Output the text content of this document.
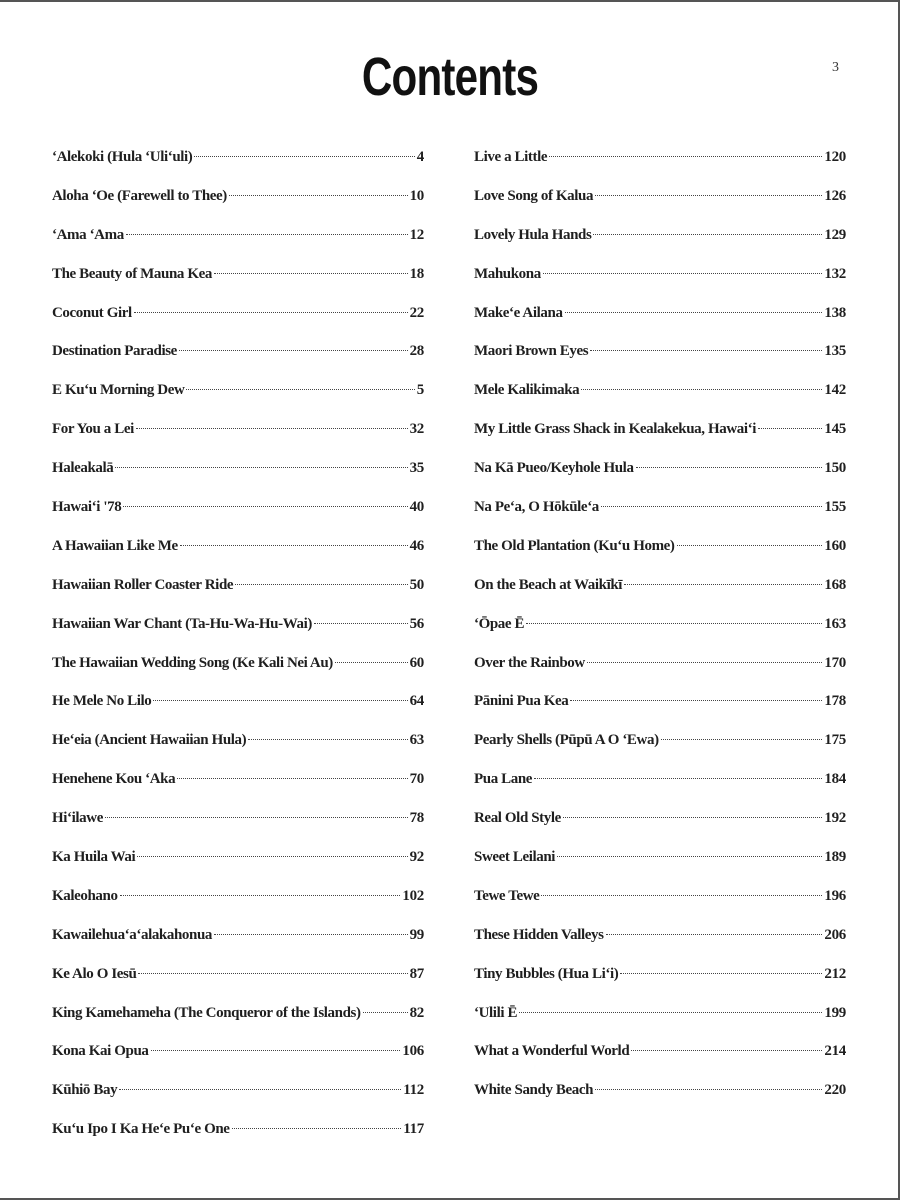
Contents	3
‘Alekoki (Hula ‘Uli‘uli)	4
Aloha ‘Oe (Farewell to Thee)	10
‘Ama ‘Ama	12
The Beauty of Mauna Kea	18
Coconut Girl	22
Destination Paradise	28
E Ku‘u Morning Dew	5
For You a Lei	32
Haleakalā	35
Hawai‘i '78	40
A Hawaiian Like Me	46
Hawaiian Roller Coaster Ride	50
Hawaiian War Chant (Ta-Hu-Wa-Hu-Wai)	56
The Hawaiian Wedding Song (Ke Kali Nei Au)	60
He Mele No Lilo	64
He‘eia (Ancient Hawaiian Hula)	63
Henehene Kou ‘Aka	70
Hi‘ilawe	78
Ka Huila Wai	92
Kaleohano	102
Kawailehua‘a‘alakahonua	99
Ke Alo O Iesū	87
King Kamehameha (The Conqueror of the Islands)	82
Kona Kai Opua	106
Kūhiō Bay	112
Ku‘u Ipo I Ka He‘e Pu‘e One	117
Live a Little	120
Love Song of Kalua	126
Lovely Hula Hands	129
Mahukona	132
Make‘e Ailana	138
Maori Brown Eyes	135
Mele Kalikimaka	142
My Little Grass Shack in Kealakekua, Hawai‘i	145
Na Kā Pueo/Keyhole Hula	150
Na Pe‘a, O Hōkūle‘a	155
The Old Plantation (Ku‘u Home)	160
On the Beach at Waikīkī	168
‘Ōpae Ē	163
Over the Rainbow	170
Pānini Pua Kea	178
Pearly Shells (Pūpū A O ‘Ewa)	175
Pua Lane	184
Real Old Style	192
Sweet Leilani	189
Tewe Tewe	196
These Hidden Valleys	206
Tiny Bubbles (Hua Li‘i)	212
‘Ulili Ē	199
What a Wonderful World	214
White Sandy Beach	220
